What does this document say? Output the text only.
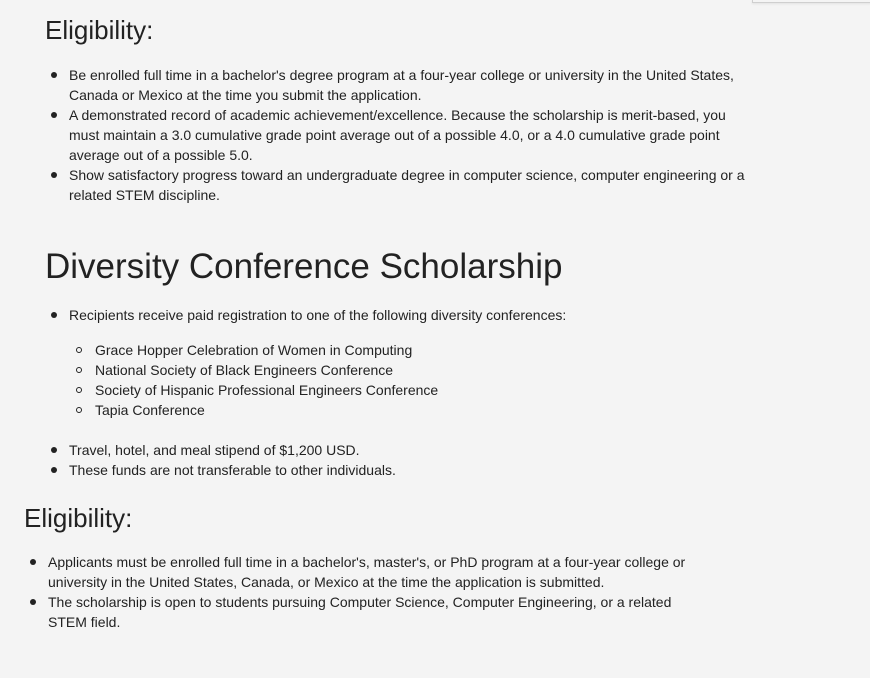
Eligibility:
Be enrolled full time in a bachelor's degree program at a four-year college or university in the United States, Canada or Mexico at the time you submit the application.
A demonstrated record of academic achievement/excellence. Because the scholarship is merit-based, you must maintain a 3.0 cumulative grade point average out of a possible 4.0, or a 4.0 cumulative grade point average out of a possible 5.0.
Show satisfactory progress toward an undergraduate degree in computer science, computer engineering or a related STEM discipline.
Diversity Conference Scholarship
Recipients receive paid registration to one of the following diversity conferences:
Grace Hopper Celebration of Women in Computing
National Society of Black Engineers Conference
Society of Hispanic Professional Engineers Conference
Tapia Conference
Travel, hotel, and meal stipend of $1,200 USD.
These funds are not transferable to other individuals.
Eligibility:
Applicants must be enrolled full time in a bachelor's, master's, or PhD program at a four-year college or university in the United States, Canada, or Mexico at the time the application is submitted.
The scholarship is open to students pursuing Computer Science, Computer Engineering, or a related STEM field.
